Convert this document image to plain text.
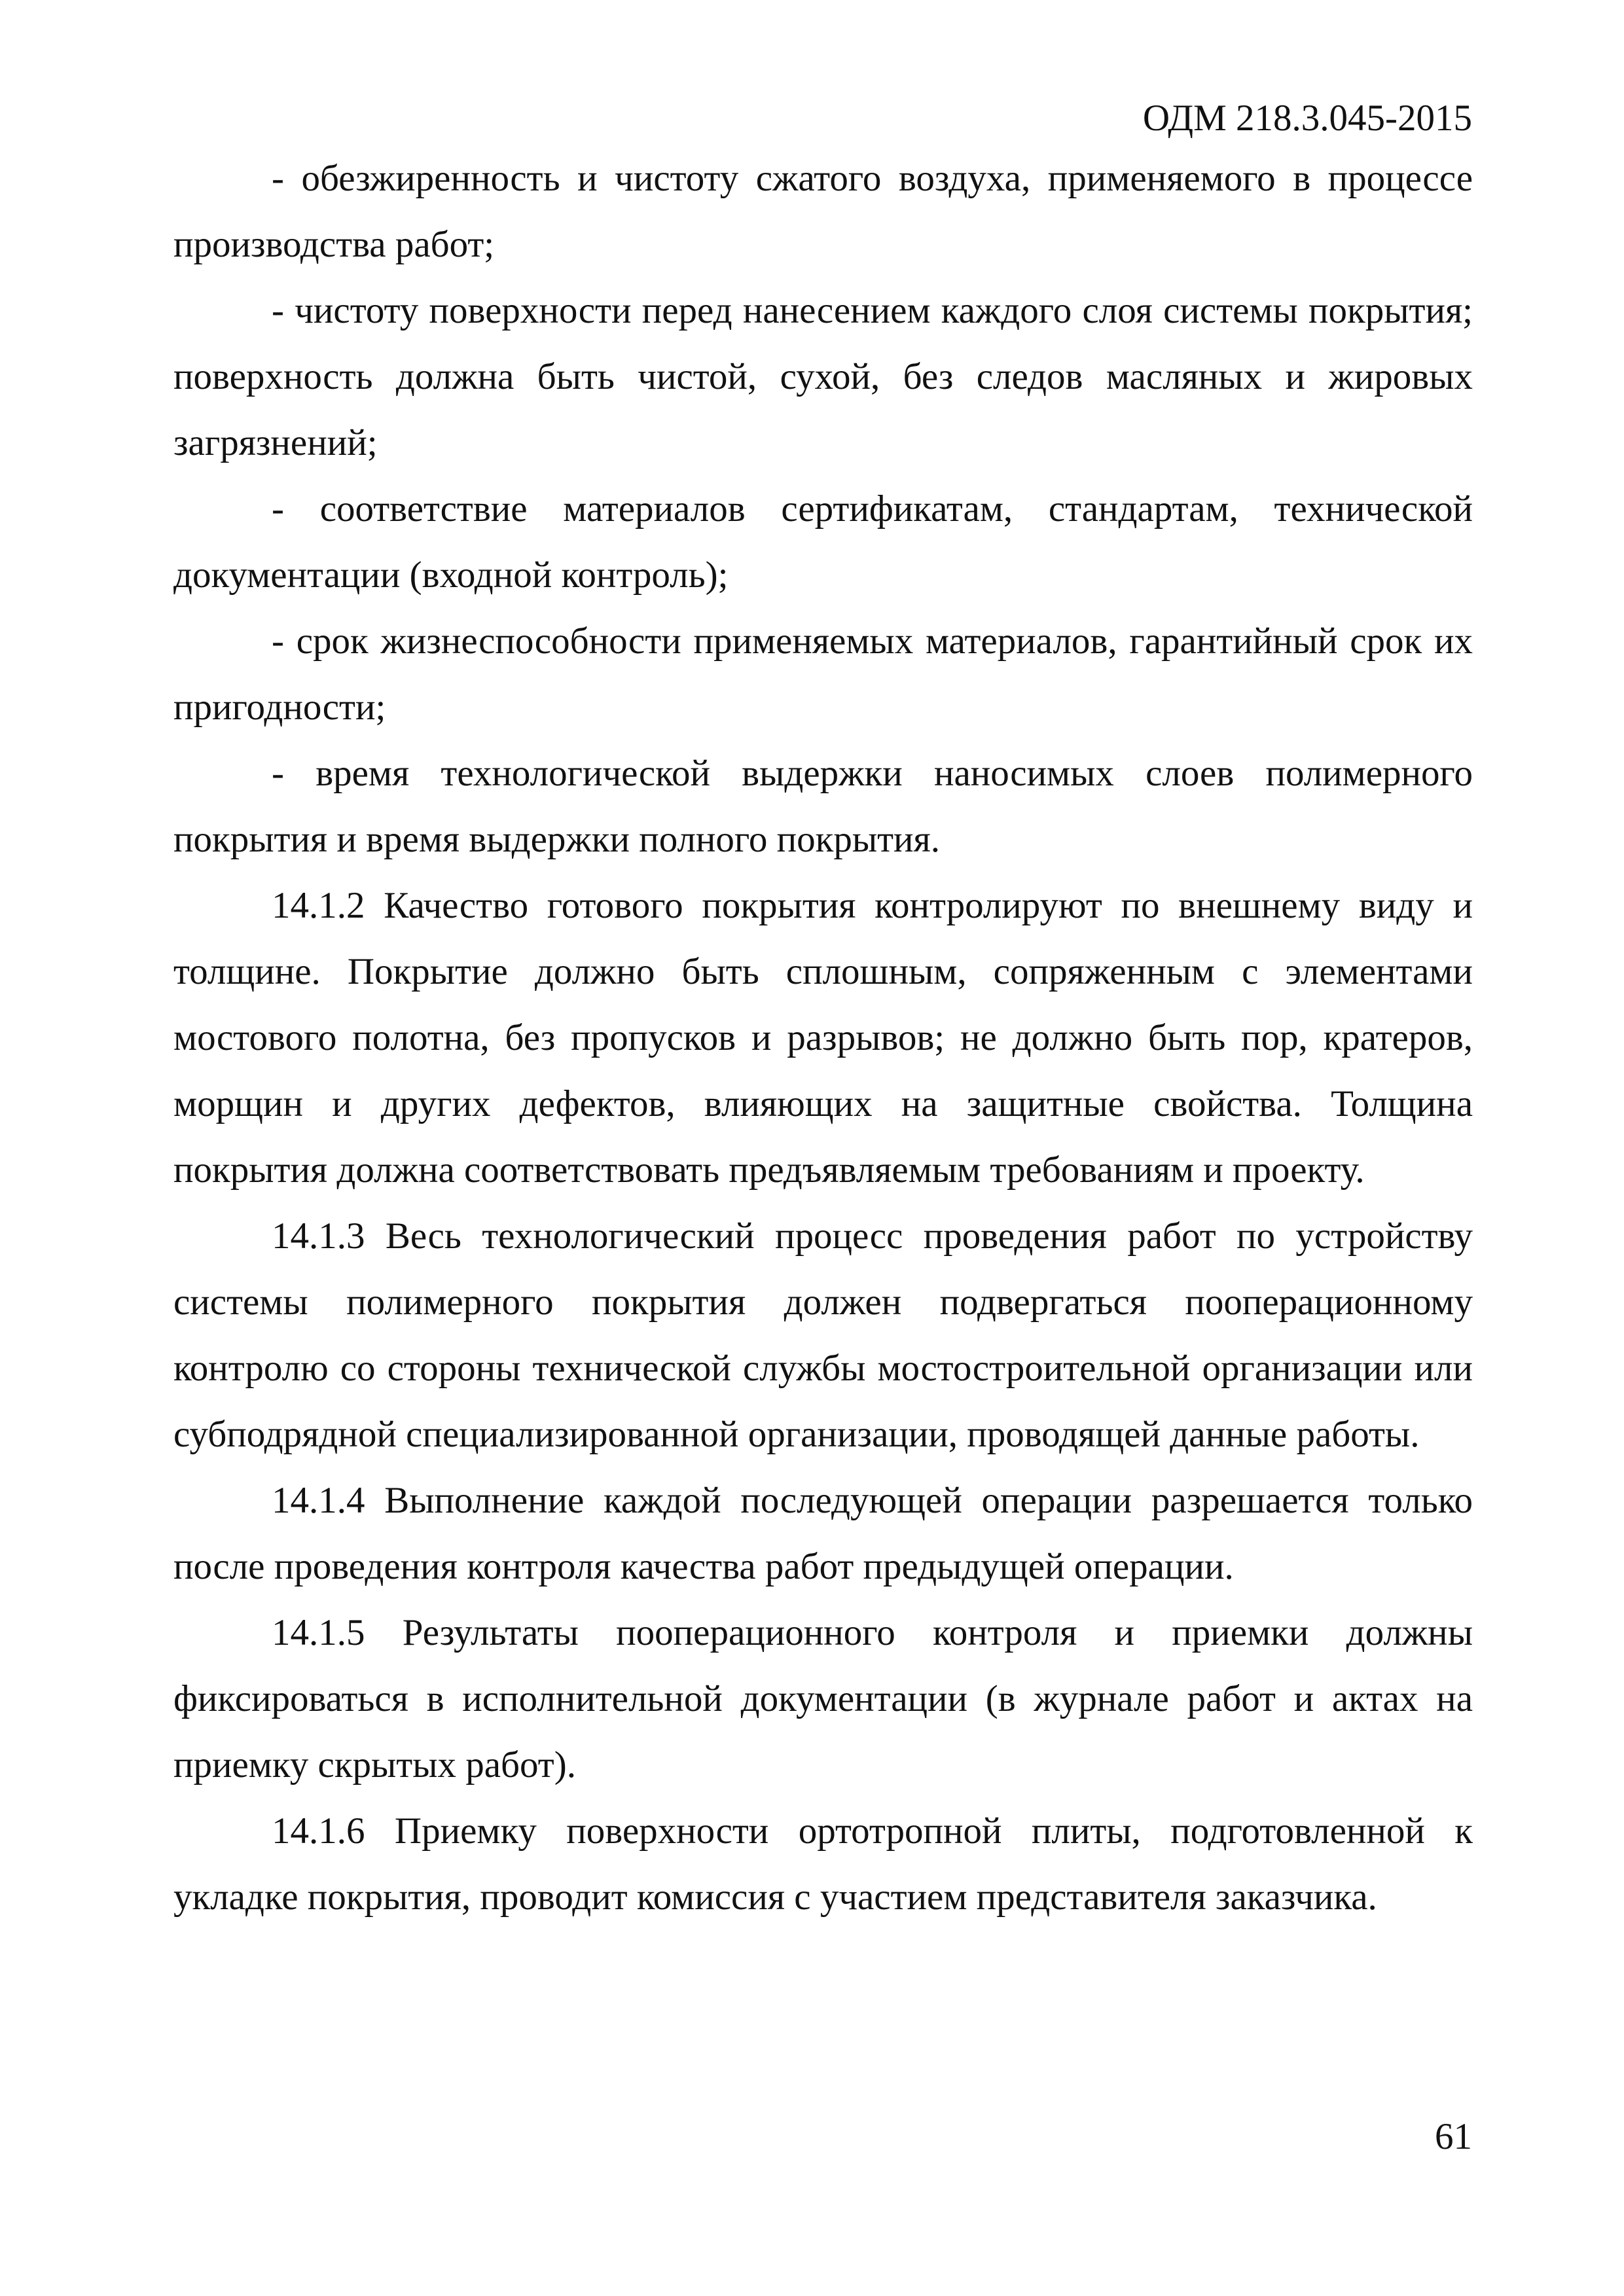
ОДМ 218.3.045-2015

- обезжиренность и чистоту сжатого воздуха, применяемого в процессе производства работ;

- чистоту поверхности перед нанесением каждого слоя системы покрытия; поверхность должна быть чистой, сухой, без следов масляных и жировых загрязнений;

- соответствие материалов сертификатам, стандартам, технической документации (входной контроль);

- срок жизнеспособности применяемых материалов, гарантийный срок их пригодности;

- время технологической выдержки наносимых слоев полимерного покрытия и время выдержки полного покрытия.

14.1.2 Качество готового покрытия контролируют по внешнему виду и толщине. Покрытие должно быть сплошным, сопряженным с элементами мостового полотна, без пропусков и разрывов; не должно быть пор, кратеров, морщин и других дефектов, влияющих на защитные свойства. Толщина покрытия должна соответствовать предъявляемым требованиям и проекту.

14.1.3 Весь технологический процесс проведения работ по устройству системы полимерного покрытия должен подвергаться пооперационному контролю со стороны технической службы мостостроительной организации или субподрядной специализированной организации, проводящей данные работы.

14.1.4 Выполнение каждой последующей операции разрешается только после проведения контроля качества работ предыдущей операции.

14.1.5 Результаты пооперационного контроля и приемки должны фиксироваться в исполнительной документации (в журнале работ и актах на приемку скрытых работ).

14.1.6 Приемку поверхности ортотропной плиты, подготовленной к укладке покрытия, проводит комиссия с участием представителя заказчика.

61
